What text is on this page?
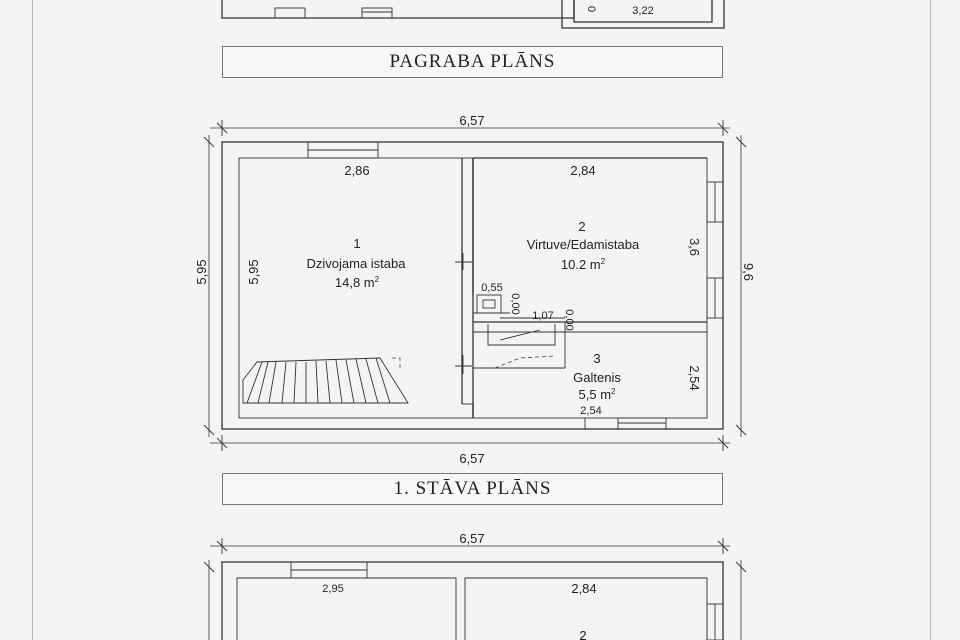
PAGRABA PLĀNS
1. STĀVA PLĀNS
3,22
0
6,57
6,57
5,95	9,6
2,86
1
Dzivojama istaba
14,8 $m^2$
5,95
2,84
2
Virtuve/Edamistaba
10.2 $m^2$
3,6
3
Galtenis
5,5 $m^2$
2,54
2,54
0,55
0,00
1,07 0,00
6,57
2,95	2,84
2
